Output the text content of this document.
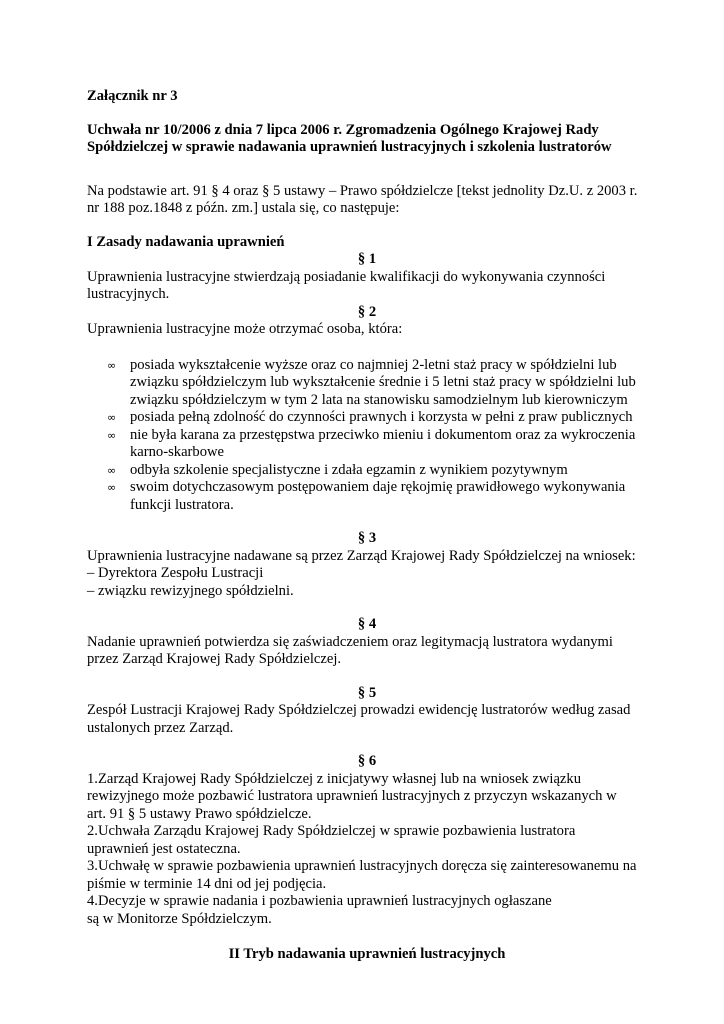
Załącznik nr 3

Uchwała nr 10/2006 z dnia 7 lipca 2006 r. Zgromadzenia Ogólnego Krajowej Rady

Spółdzielczej w sprawie nadawania uprawnień lustracyjnych i szkolenia lustratorów

Na podstawie art. 91 § 4 oraz § 5 ustawy – Prawo spółdzielcze [tekst jednolity Dz.U. z 2003 r.

nr 188 poz.1848 z późn. zm.] ustala się, co następuje:

I Zasady nadawania uprawnień

§ 1

Uprawnienia lustracyjne stwierdzają posiadanie kwalifikacji do wykonywania czynności

lustracyjnych.

§ 2

Uprawnienia lustracyjne może otrzymać osoba, która:

∞ posiada wykształcenie wyższe oraz co najmniej 2-letni staż pracy w spółdzielni lub
związku spółdzielczym lub wykształcenie średnie i 5 letni staż pracy w spółdzielni lub
związku spółdzielczym w tym 2 lata na stanowisku samodzielnym lub kierowniczym
∞ posiada pełną zdolność do czynności prawnych i korzysta w pełni z praw publicznych
∞ nie była karana za przestępstwa przeciwko mieniu i dokumentom oraz za wykroczenia
karno-skarbowe
∞ odbyła szkolenie specjalistyczne i zdała egzamin z wynikiem pozytywnym
∞ swoim dotychczasowym postępowaniem daje rękojmię prawidłowego wykonywania
funkcji lustratora.

§ 3

Uprawnienia lustracyjne nadawane są przez Zarząd Krajowej Rady Spółdzielczej na wniosek:

– Dyrektora Zespołu Lustracji

– związku rewizyjnego spółdzielni.

§ 4

Nadanie uprawnień potwierdza się zaświadczeniem oraz legitymacją lustratora wydanymi

przez Zarząd Krajowej Rady Spółdzielczej.

§ 5

Zespół Lustracji Krajowej Rady Spółdzielczej prowadzi ewidencję lustratorów według zasad

ustalonych przez Zarząd.

§ 6

1.Zarząd Krajowej Rady Spółdzielczej z inicjatywy własnej lub na wniosek związku

rewizyjnego może pozbawić lustratora uprawnień lustracyjnych z przyczyn wskazanych w

art. 91 § 5 ustawy Prawo spółdzielcze.

2.Uchwała Zarządu Krajowej Rady Spółdzielczej w sprawie pozbawienia lustratora

uprawnień jest ostateczna.

3.Uchwałę w sprawie pozbawienia uprawnień lustracyjnych doręcza się zainteresowanemu na

piśmie w terminie 14 dni od jej podjęcia.

4.Decyzje w sprawie nadania i pozbawienia uprawnień lustracyjnych ogłaszane

są w Monitorze Spółdzielczym.

II Tryb nadawania uprawnień lustracyjnych
